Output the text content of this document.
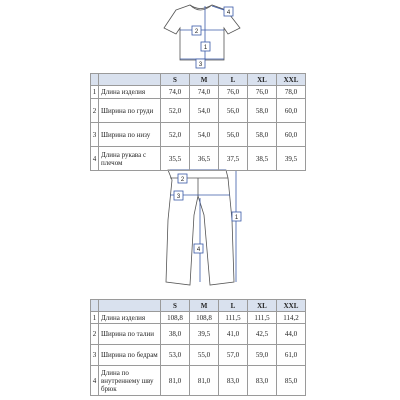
1
2
3
4
1
2
3
4
		S	M	L	XL	XXL
1	Длина изделия	74,0	74,0	76,0	76,0	78,0
2	Ширина по груди	52,0	54,0	56,0	58,0	60,0
3	Ширина по низу	52,0	54,0	56,0	58,0	60,0
4	Длина рукава с плечом	35,5	36,5	37,5	38,5	39,5
		S	M	L	XL	XXL
1	Длина изделия	108,8	108,8	111,5	111,5	114,2
2	Ширина по талии	38,0	39,5	41,0	42,5	44,0
3	Ширина по бедрам	53,0	55,0	57,0	59,0	61,0
4	Длина по внутреннему шву брюк	81,0	81,0	83,0	83,0	85,0
